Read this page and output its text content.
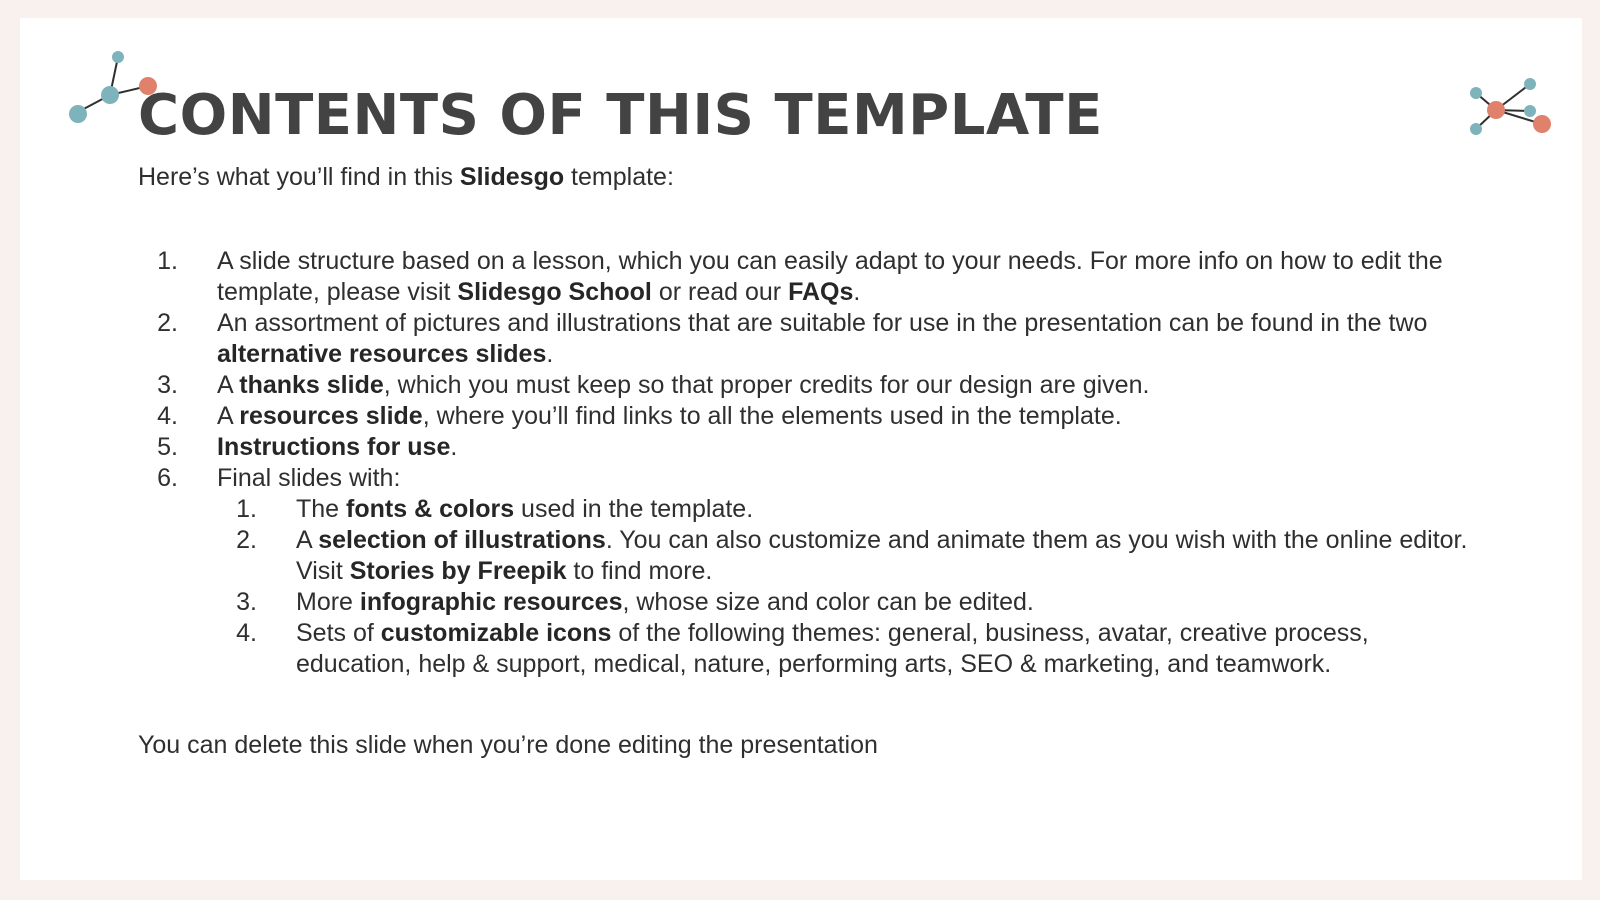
CONTENTS OF THIS TEMPLATE

Here’s what you’ll find in this Slidesgo template:

1. A slide structure based on a lesson, which you can easily adapt to your needs. For more info on how to edit the template, please visit Slidesgo School or read our FAQs.
2. An assortment of pictures and illustrations that are suitable for use in the presentation can be found in the two alternative resources slides.
3. A thanks slide, which you must keep so that proper credits for our design are given.
4. A resources slide, where you’ll find links to all the elements used in the template.
5. Instructions for use.
6. Final slides with:
1. The fonts & colors used in the template.
2. A selection of illustrations. You can also customize and animate them as you wish with the online editor. Visit Stories by Freepik to find more.
3. More infographic resources, whose size and color can be edited.
4. Sets of customizable icons of the following themes: general, business, avatar, creative process, education, help & support, medical, nature, performing arts, SEO & marketing, and teamwork.

You can delete this slide when you’re done editing the presentation
